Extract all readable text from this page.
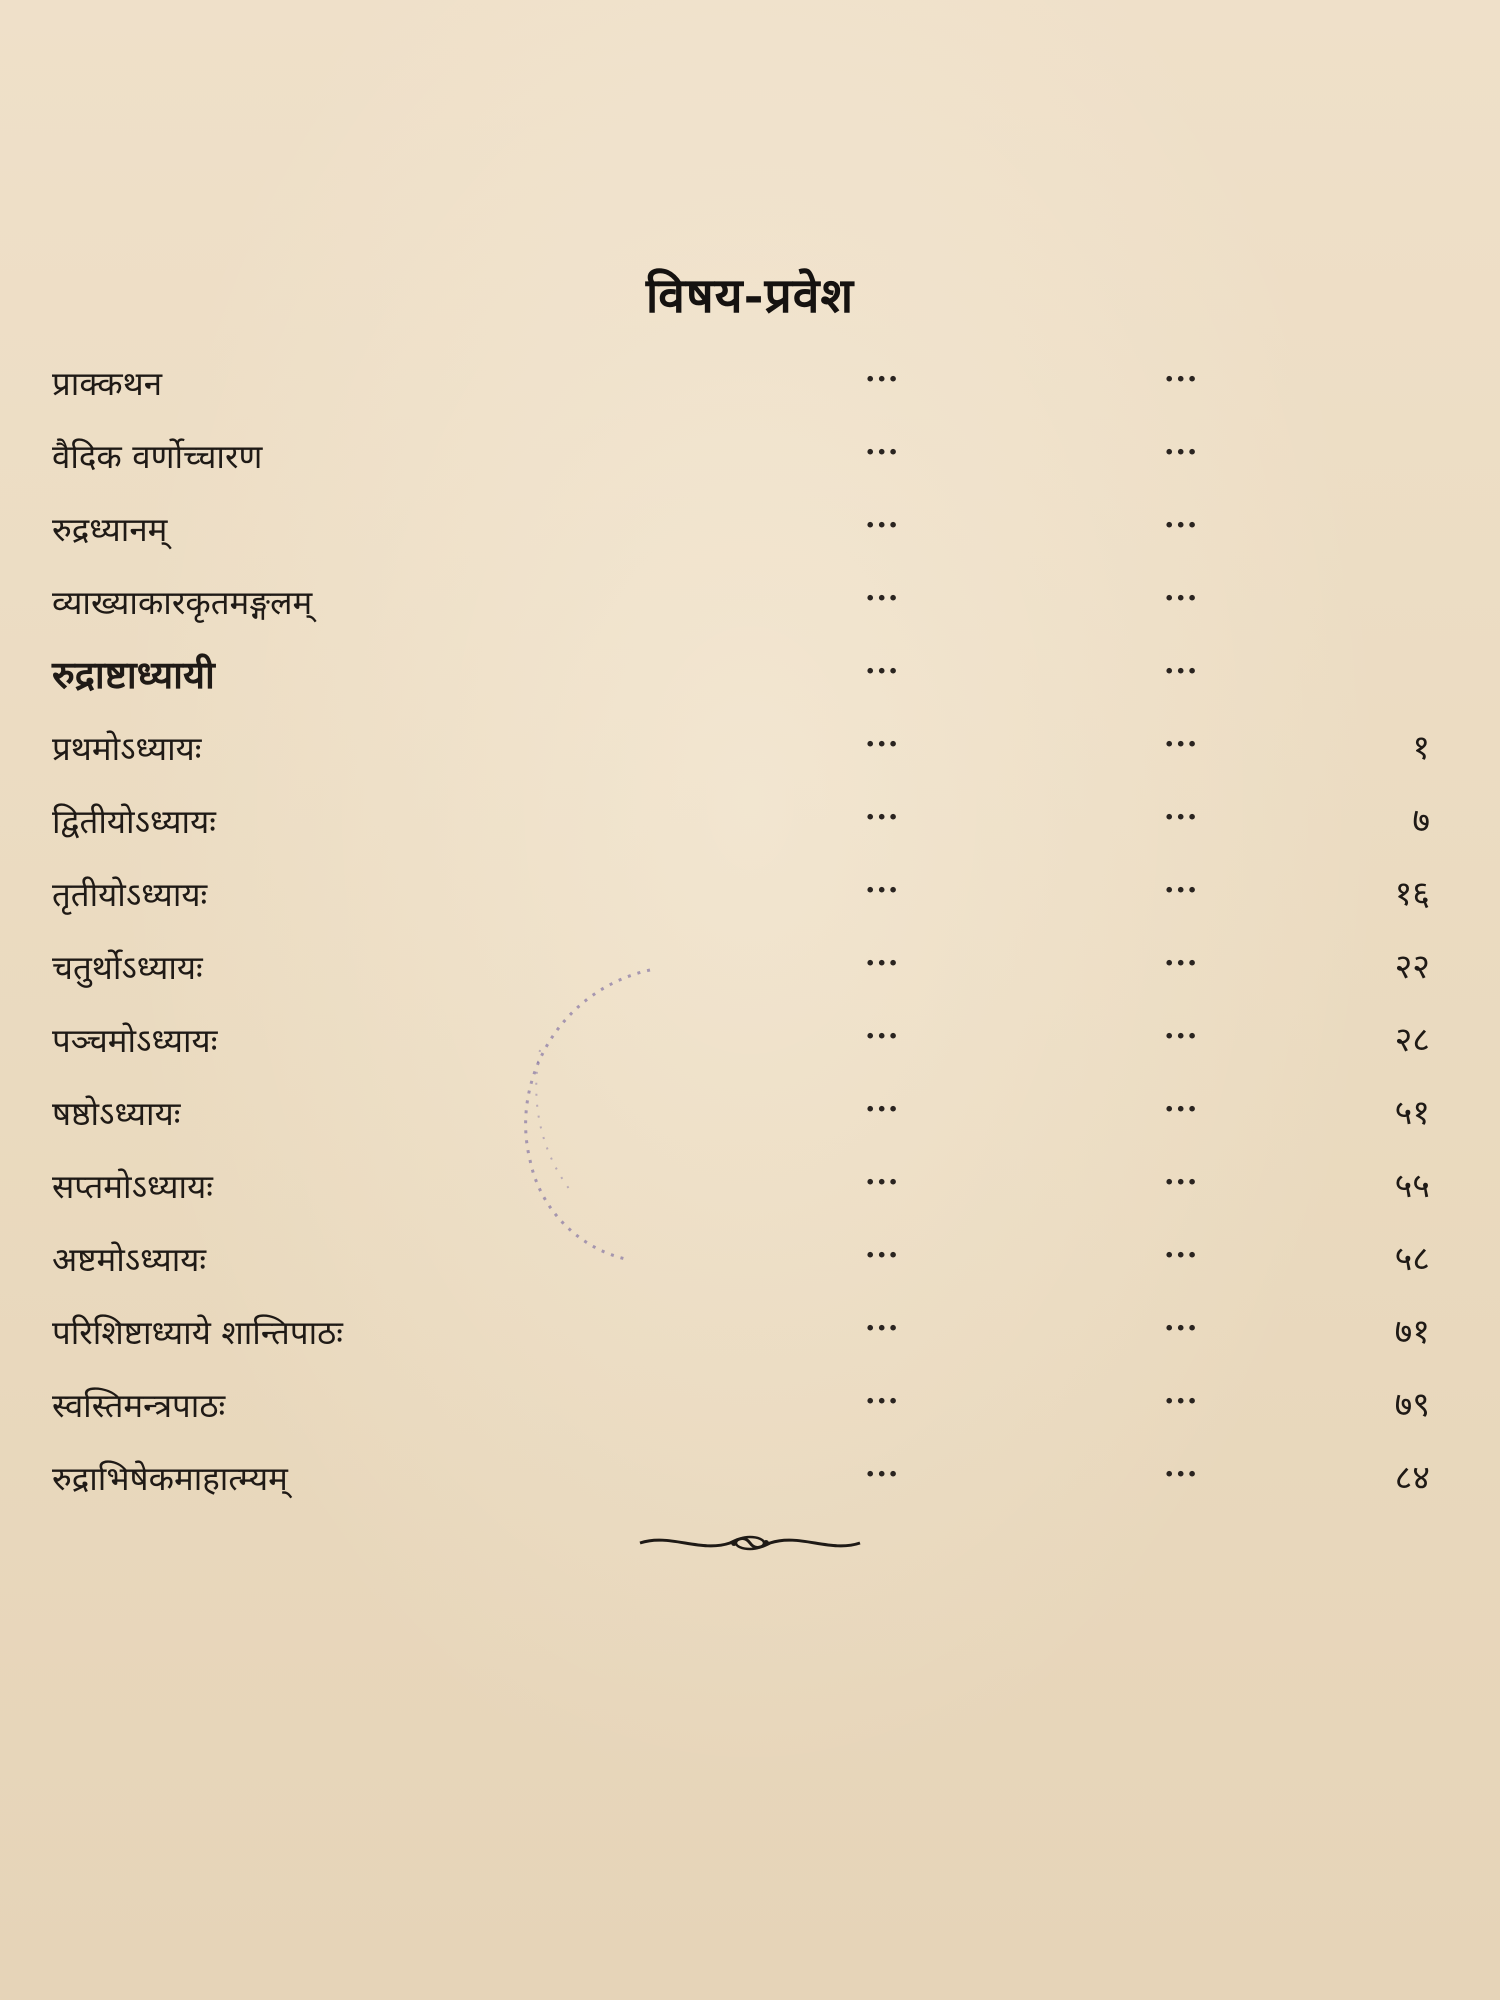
विषय-प्रवेश
प्राक्कथन	...	...
वैदिक वर्णोच्चारण	...	...
रुद्रध्यानम्	...	...
व्याख्याकारकृतमङ्गलम्	...	...
रुद्राष्टाध्यायी	...	...
प्रथमोऽध्यायः	...	...	१
द्वितीयोऽध्यायः	...	...	७
तृतीयोऽध्यायः	...	...	१६
चतुर्थोऽध्यायः	...	...	२२
पञ्चमोऽध्यायः	...	...	२८
षष्ठोऽध्यायः	...	...	५१
सप्तमोऽध्यायः	...	...	५५
अष्टमोऽध्यायः	...	...	५८
परिशिष्टाध्याये शान्तिपाठः	...	...	७१
स्वस्तिमन्त्रपाठः	...	...	७९
रुद्राभिषेकमाहात्म्यम्	...	...	८४
